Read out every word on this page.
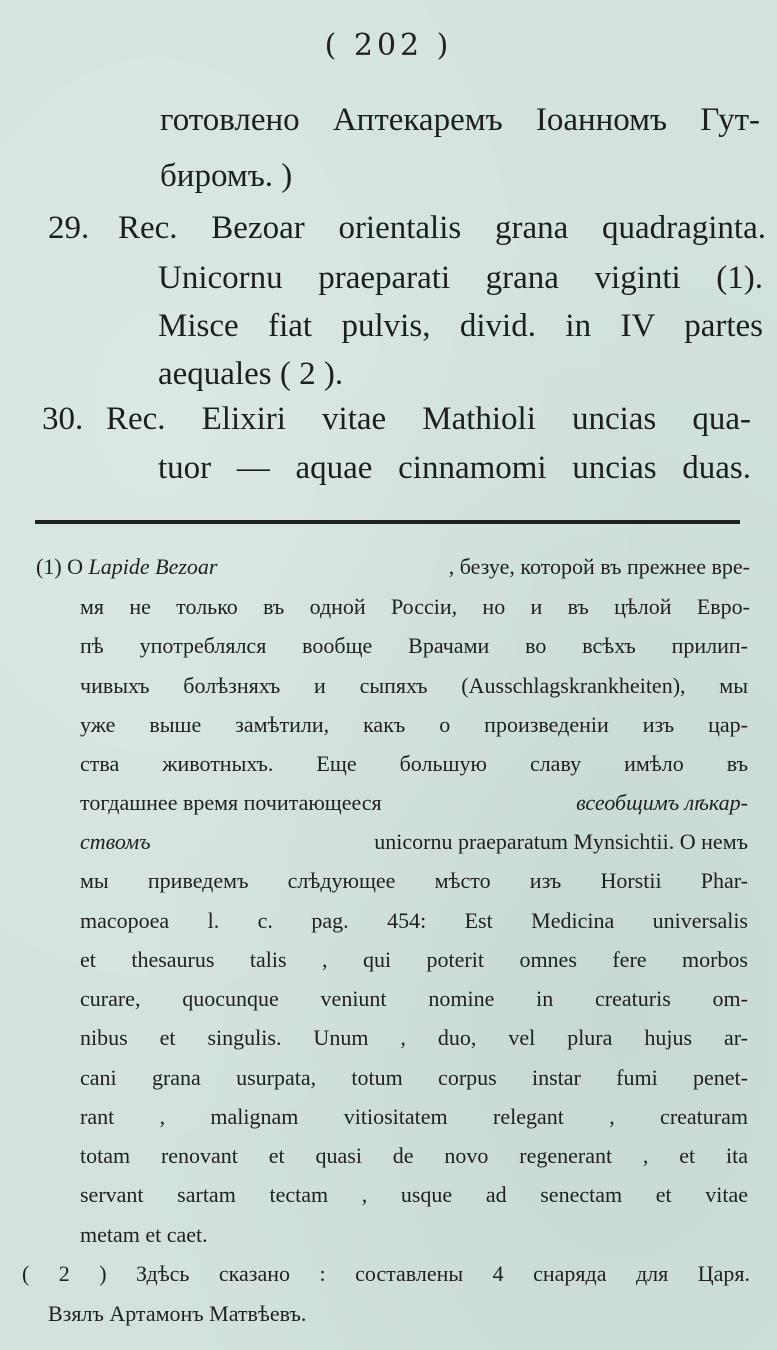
( 202 )
готовлено Аптекаремъ Іоанномъ Гут-
биромъ. )
29. Rec. Bezoar orientalis grana quadraginta.
Unicornu praeparati grana viginti (1).
Misce fiat pulvis, divid. in IV partes
aequales ( 2 ).
30. Rec. Elixiri vitae Mathioli uncias qua-
tuor — aquae cinnamomi uncias duas.
(1) О Lapide Bezoar	, безуе, которой въ прежнее вре-
мя не только въ одной Россіи, но и въ цѣлой Евро-
пѣ употреблялся вообще Врачами во всѣхъ прилип-
чивыхъ болѣзняхъ и сыпяхъ (Ausschlagskrankheiten), мы
уже выше замѣтили, какъ о произведеніи изъ цар-
ства животныхъ. Еще большую славу имѣло въ
тогдашнее время почитающееся	всеобщимъ лѣкар-
ствомъ	unicornu praeparatum Mynsichtii. О немъ
мы приведемъ слѣдующее мѣсто изъ Horstii Phar-
macopoea l. c. pag. 454: Est Medicina universalis
et thesaurus talis , qui poterit omnes fere morbos
curare, quocunque veniunt nomine in creaturis om-
nibus et singulis. Unum , duo, vel plura hujus ar-
cani grana usurpata, totum corpus instar fumi penet-
rant , malignam vitiositatem relegant , creaturam
totam renovant et quasi de novo regenerant , et ita
servant sartam tectam , usque ad senectam et vitae
metam et caet.
( 2 ) Здѣсь сказано : составлены 4 снаряда для Царя.
Взялъ Артамонъ Матвѣевъ.
